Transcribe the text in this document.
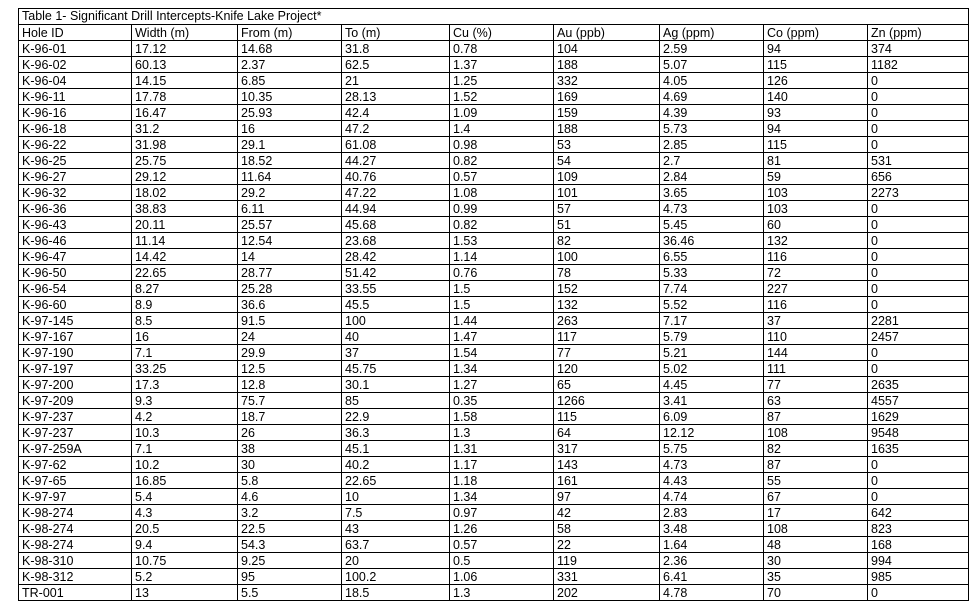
Table 1- Significant Drill Intercepts-Knife Lake Project*
Hole ID	Width (m)	From (m)	To (m)	Cu (%)	Au (ppb)	Ag (ppm)	Co (ppm)	Zn (ppm)
K-96-01	17.12	14.68	31.8	0.78	104	2.59	94	374
K-96-02	60.13	2.37	62.5	1.37	188	5.07	115	1182
K-96-04	14.15	6.85	21	1.25	332	4.05	126	0
K-96-11	17.78	10.35	28.13	1.52	169	4.69	140	0
K-96-16	16.47	25.93	42.4	1.09	159	4.39	93	0
K-96-18	31.2	16	47.2	1.4	188	5.73	94	0
K-96-22	31.98	29.1	61.08	0.98	53	2.85	115	0
K-96-25	25.75	18.52	44.27	0.82	54	2.7	81	531
K-96-27	29.12	11.64	40.76	0.57	109	2.84	59	656
K-96-32	18.02	29.2	47.22	1.08	101	3.65	103	2273
K-96-36	38.83	6.11	44.94	0.99	57	4.73	103	0
K-96-43	20.11	25.57	45.68	0.82	51	5.45	60	0
K-96-46	11.14	12.54	23.68	1.53	82	36.46	132	0
K-96-47	14.42	14	28.42	1.14	100	6.55	116	0
K-96-50	22.65	28.77	51.42	0.76	78	5.33	72	0
K-96-54	8.27	25.28	33.55	1.5	152	7.74	227	0
K-96-60	8.9	36.6	45.5	1.5	132	5.52	116	0
K-97-145	8.5	91.5	100	1.44	263	7.17	37	2281
K-97-167	16	24	40	1.47	117	5.79	110	2457
K-97-190	7.1	29.9	37	1.54	77	5.21	144	0
K-97-197	33.25	12.5	45.75	1.34	120	5.02	111	0
K-97-200	17.3	12.8	30.1	1.27	65	4.45	77	2635
K-97-209	9.3	75.7	85	0.35	1266	3.41	63	4557
K-97-237	4.2	18.7	22.9	1.58	115	6.09	87	1629
K-97-237	10.3	26	36.3	1.3	64	12.12	108	9548
K-97-259A	7.1	38	45.1	1.31	317	5.75	82	1635
K-97-62	10.2	30	40.2	1.17	143	4.73	87	0
K-97-65	16.85	5.8	22.65	1.18	161	4.43	55	0
K-97-97	5.4	4.6	10	1.34	97	4.74	67	0
K-98-274	4.3	3.2	7.5	0.97	42	2.83	17	642
K-98-274	20.5	22.5	43	1.26	58	3.48	108	823
K-98-274	9.4	54.3	63.7	0.57	22	1.64	48	168
K-98-310	10.75	9.25	20	0.5	119	2.36	30	994
K-98-312	5.2	95	100.2	1.06	331	6.41	35	985
TR-001	13	5.5	18.5	1.3	202	4.78	70	0
